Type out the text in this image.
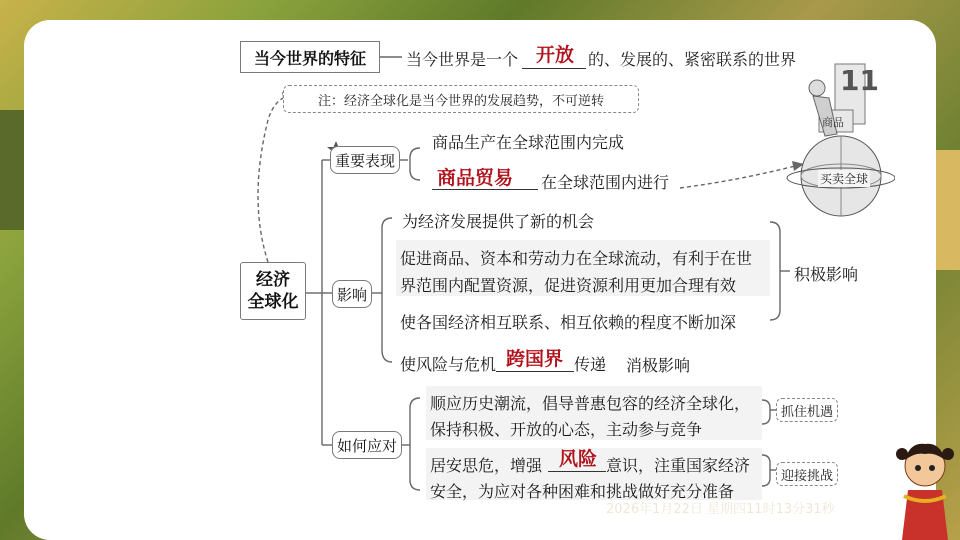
当今世界的特征	当今世界是一个 开放 的、发展的、紧密联系的世界
注：经济全球化是当今世界的发展趋势，不可逆转
经济
全球化
重要表现
商品生产在全球范围内完成
商品贸易 在全球范围内进行
11
商品
买卖全球
影响
为经济发展提供了新的机会
促进商品、资本和劳动力在全球流动，有利于在世
界范围内配置资源，促进资源利用更加合理有效
使各国经济相互联系、相互依赖的程度不断加深
积极影响
使风险与危机 跨国界 传递 消极影响
如何应对
顺应历史潮流，倡导普惠包容的经济全球化，
保持积极、开放的心态，主动参与竞争
抓住机遇
居安思危，增强 风险 意识，注重国家经济
安全，为应对各种困难和挑战做好充分准备
迎接挑战
2026年1月22日 星期四11时13分31秒
